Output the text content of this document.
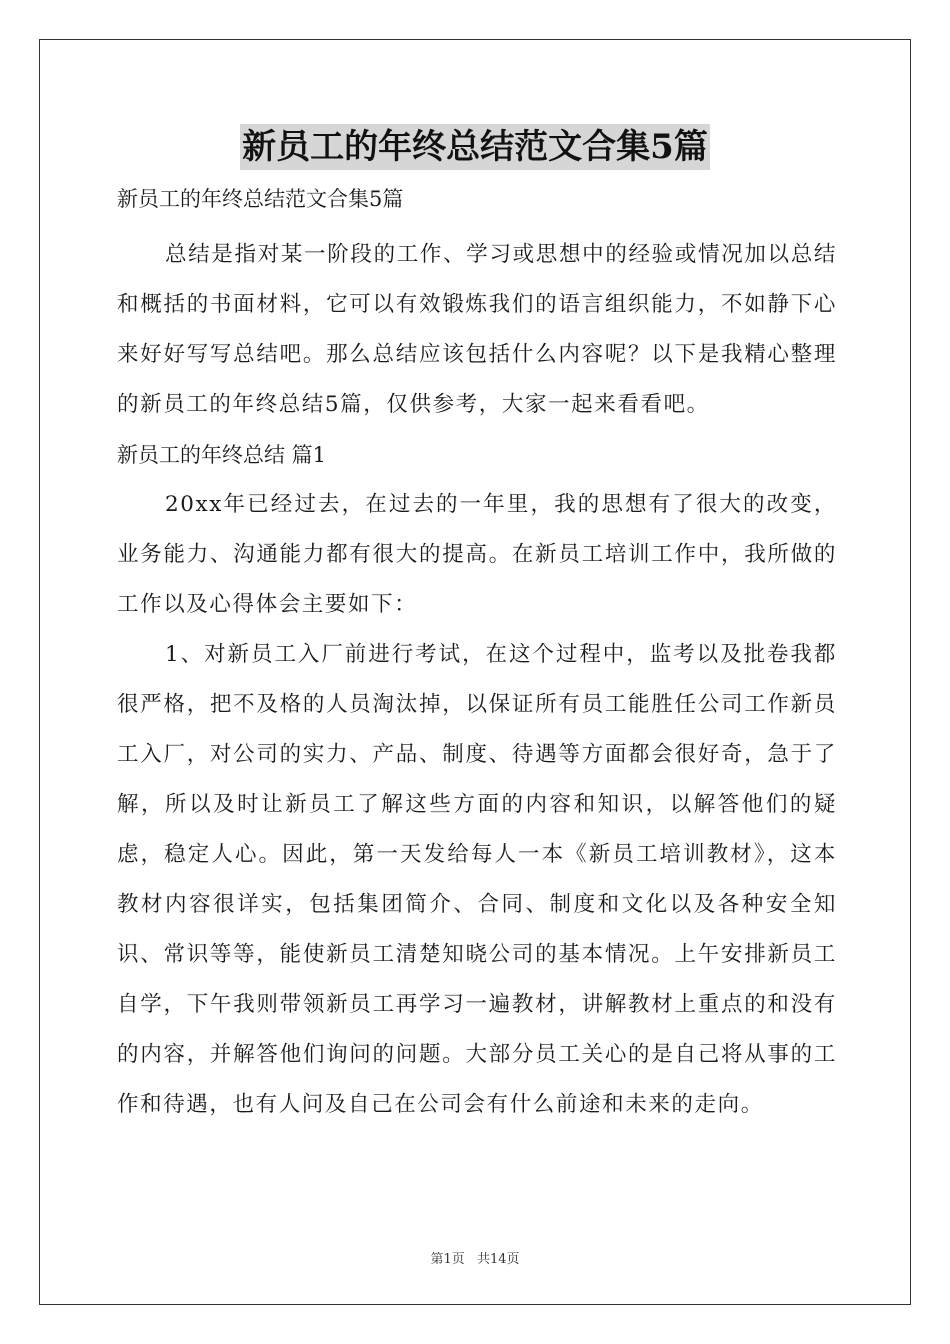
新员工的年终总结范文合集5篇

新员工的年终总结范文合集5篇

总结是指对某一阶段的工作、学习或思想中的经验或情况加以总结和概括的书面材料，它可以有效锻炼我们的语言组织能力，不如静下心来好好写写总结吧。那么总结应该包括什么内容呢？以下是我精心整理的新员工的年终总结5篇，仅供参考，大家一起来看看吧。

新员工的年终总结 篇1

20xx年已经过去，在过去的一年里，我的思想有了很大的改变，业务能力、沟通能力都有很大的提高。在新员工培训工作中，我所做的工作以及心得体会主要如下：

1、对新员工入厂前进行考试，在这个过程中，监考以及批卷我都很严格，把不及格的人员淘汰掉，以保证所有员工能胜任公司工作新员工入厂，对公司的实力、产品、制度、待遇等方面都会很好奇，急于了解，所以及时让新员工了解这些方面的内容和知识，以解答他们的疑虑，稳定人心。因此，第一天发给每人一本《新员工培训教材》，这本教材内容很详实，包括集团简介、合同、制度和文化以及各种安全知识、常识等等，能使新员工清楚知晓公司的基本情况。上午安排新员工自学，下午我则带领新员工再学习一遍教材，讲解教材上重点的和没有的内容，并解答他们询问的问题。大部分员工关心的是自己将从事的工作和待遇，也有人问及自己在公司会有什么前途和未来的走向。

第1页 共14页
